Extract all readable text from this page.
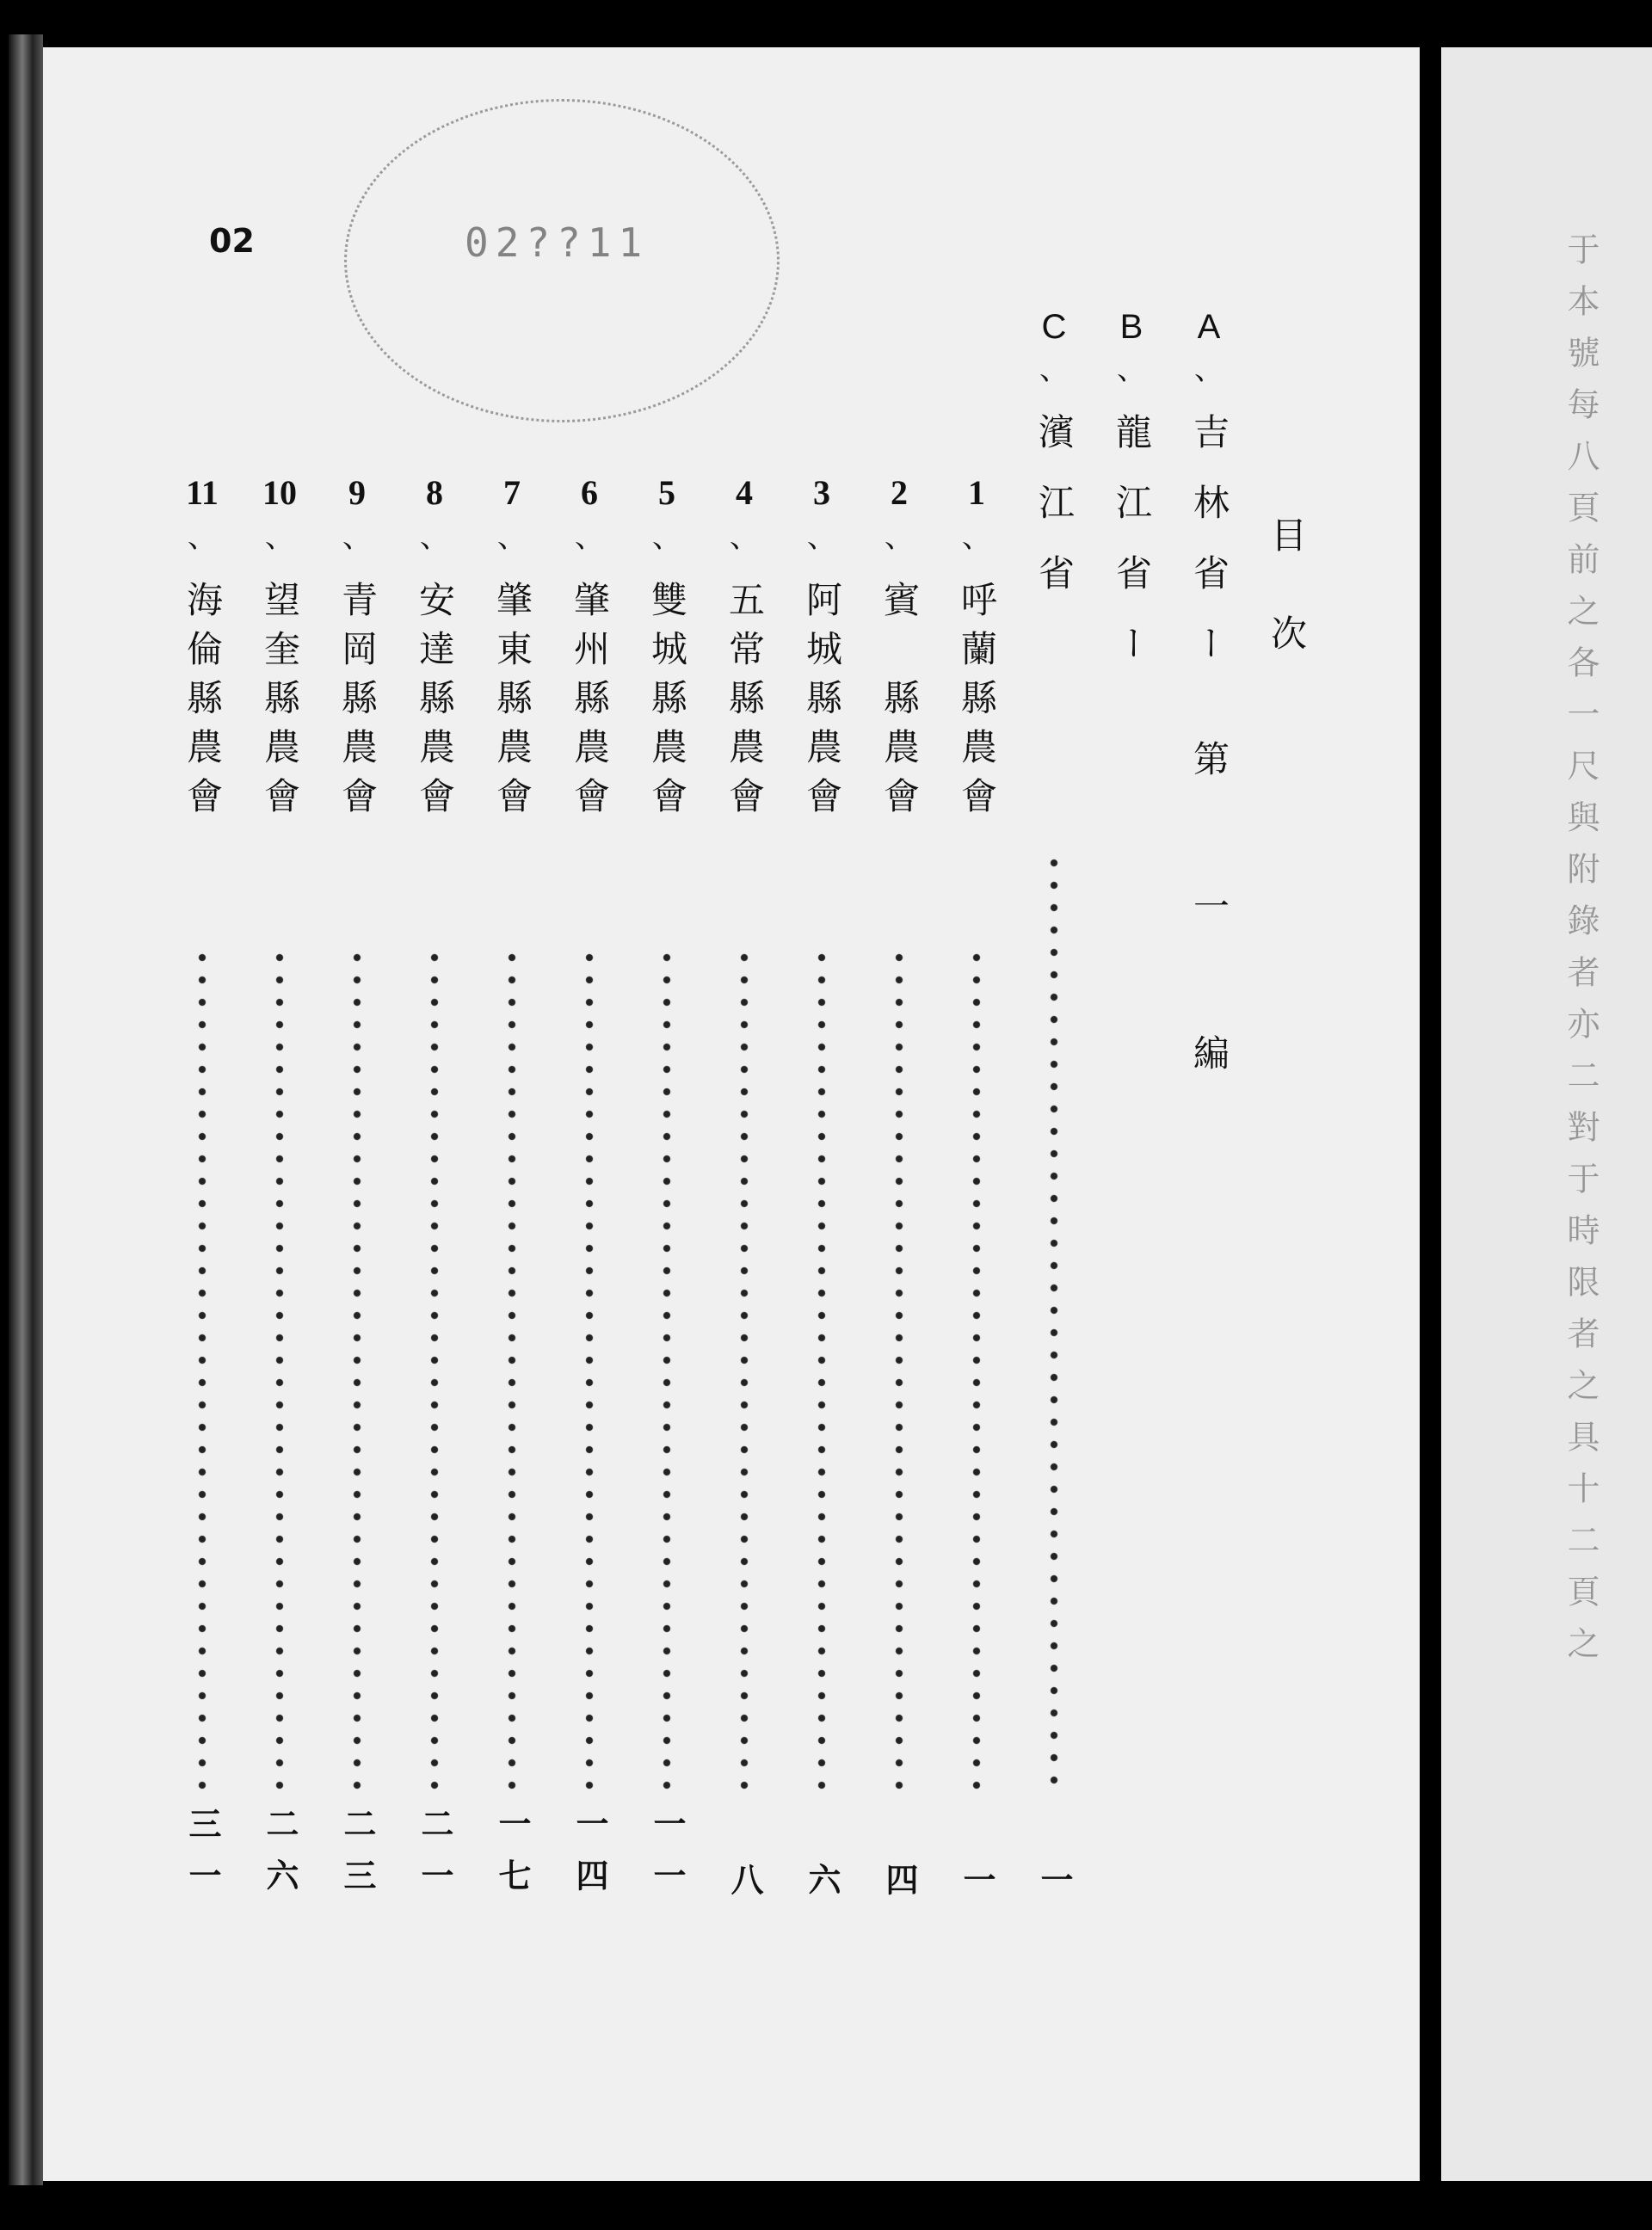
于本號每八頁前之各一尺與附錄者亦二對于時限者之具十二頁之
02??11
02
目　次
A
、
吉林省ー
B
、
龍江省ー
C
、
濱江省
第 一 編
1
、
呼蘭縣農會
一
2
、
賓　縣農會
四
3
、
阿城縣農會
六
4
、
五常縣農會
八
5
、
雙城縣農會
一一
6
、
肇州縣農會
一四
7
、
肇東縣農會
一七
8
、
安達縣農會
二一
9
、
青岡縣農會
二三
10
、
望奎縣農會
二六
11
、
海倫縣農會
三一	一
